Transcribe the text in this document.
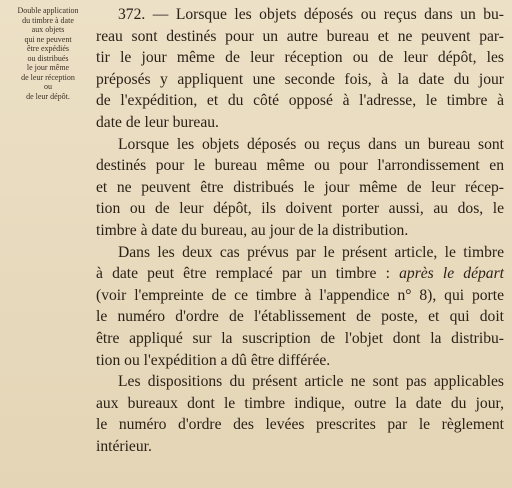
Double application
du timbre à date
aux objets
qui ne peuvent
être expédiés
ou distribués
le jour même
de leur réception
ou
de leur dépôt.
372. — Lorsque les objets déposés ou reçus dans un bu-
reau sont destinés pour un autre bureau et ne peuvent par-
tir le jour même de leur réception ou de leur dépôt, les
préposés y appliquent une seconde fois, à la date du jour
de l'expédition, et du côté opposé à l'adresse, le timbre à
date de leur bureau.
Lorsque les objets déposés ou reçus dans un bureau sont
destinés pour le bureau même ou pour l'arrondissement en
et ne peuvent être distribués le jour même de leur récep-
tion ou de leur dépôt, ils doivent porter aussi, au dos, le
timbre à date du bureau, au jour de la distribution.
Dans les deux cas prévus par le présent article, le timbre
à date peut être remplacé par un timbre : après le départ
(voir l'empreinte de ce timbre à l'appendice n° 8), qui porte
le numéro d'ordre de l'établissement de poste, et qui doit
être appliqué sur la suscription de l'objet dont la distribu-
tion ou l'expédition a dû être différée.
Les dispositions du présent article ne sont pas applicables
aux bureaux dont le timbre indique, outre la date du jour,
le numéro d'ordre des levées prescrites par le règlement
intérieur.
